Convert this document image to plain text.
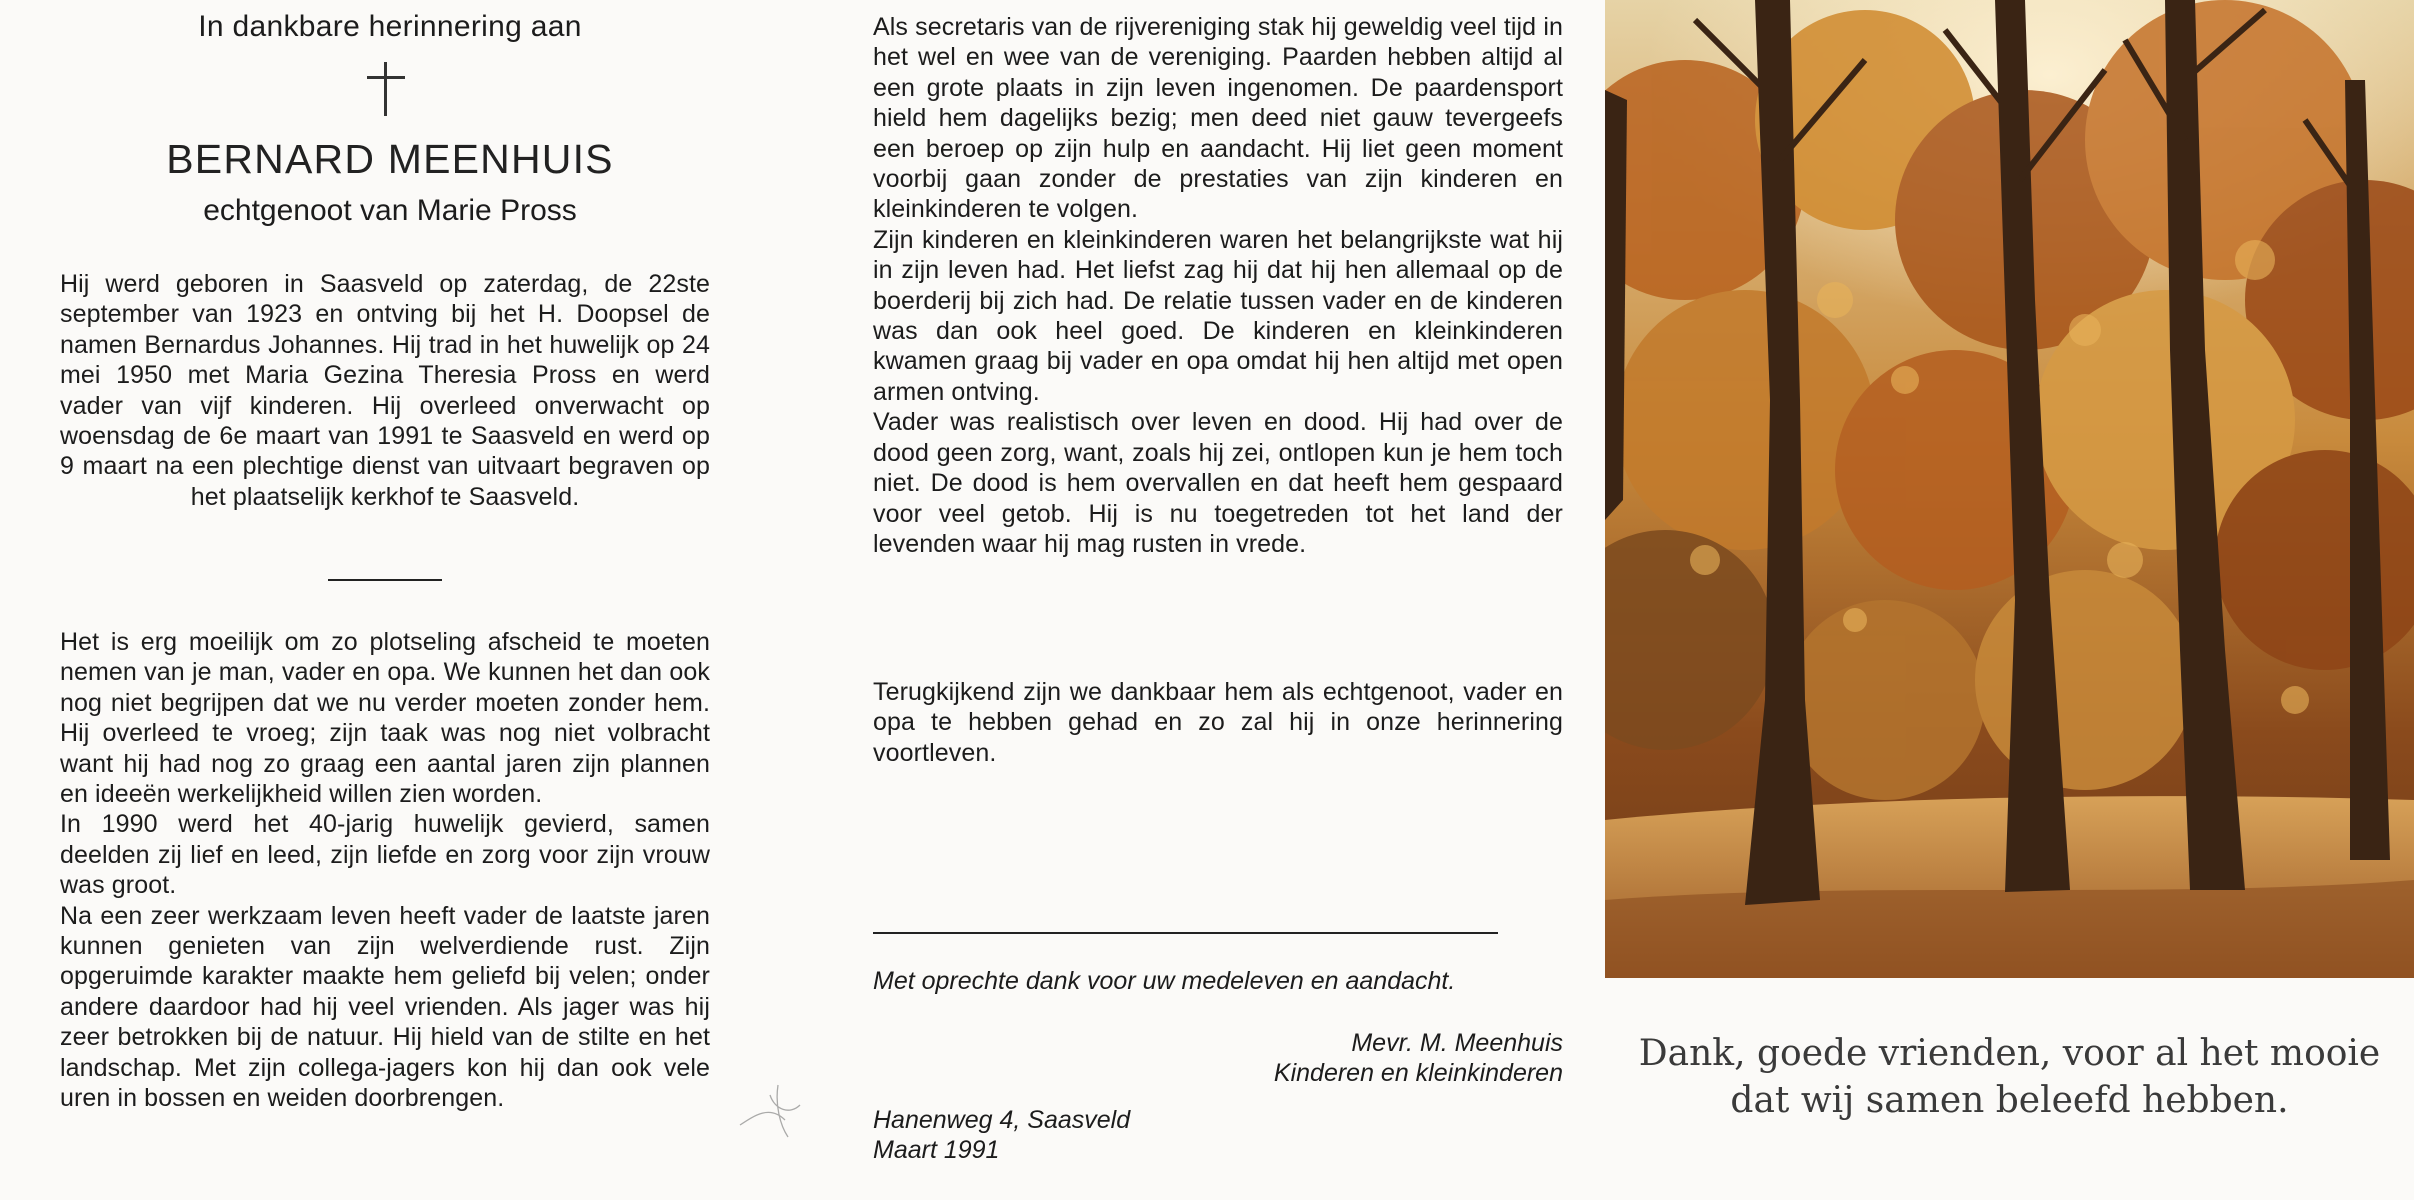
In dankbare herinnering aan
BERNARD MEENHUIS
echtgenoot van Marie Pross

Hij werd geboren in Saasveld op zaterdag, de 22ste september van 1923 en ontving bij het H. Doopsel de namen Bernardus Johannes. Hij trad in het huwelijk op 24 mei 1950 met Maria Gezina Theresia Pross en werd vader van vijf kinderen. Hij overleed onverwacht op woensdag de 6e maart van 1991 te Saasveld en werd op 9 maart na een plechtige dienst van uitvaart begraven op het plaatselijk kerkhof te Saasveld.

Het is erg moeilijk om zo plotseling afscheid te moeten nemen van je man, vader en opa. We kunnen het dan ook nog niet begrijpen dat we nu verder moeten zonder hem. Hij overleed te vroeg; zijn taak was nog niet volbracht want hij had nog zo graag een aantal jaren zijn plannen en ideeën werkelijkheid willen zien worden.

In 1990 werd het 40-jarig huwelijk gevierd, samen deelden zij lief en leed, zijn liefde en zorg voor zijn vrouw was groot.

Na een zeer werkzaam leven heeft vader de laatste jaren kunnen genieten van zijn welverdiende rust. Zijn opgeruimde karakter maakte hem geliefd bij velen; onder andere daardoor had hij veel vrienden. Als jager was hij zeer betrokken bij de natuur. Hij hield van de stilte en het landschap. Met zijn collega-jagers kon hij dan ook vele uren in bossen en weiden doorbrengen.

Als secretaris van de rijvereniging stak hij geweldig veel tijd in het wel en wee van de vereniging. Paarden hebben altijd al een grote plaats in zijn leven ingenomen. De paardensport hield hem dagelijks bezig; men deed niet gauw tevergeefs een beroep op zijn hulp en aandacht. Hij liet geen moment voorbij gaan zonder de prestaties van zijn kinderen en kleinkinderen te volgen.

Zijn kinderen en kleinkinderen waren het belangrijkste wat hij in zijn leven had. Het liefst zag hij dat hij hen allemaal op de boerderij bij zich had. De relatie tussen vader en de kinderen was dan ook heel goed. De kinderen en kleinkinderen kwamen graag bij vader en opa omdat hij hen altijd met open armen ontving.

Vader was realistisch over leven en dood. Hij had over de dood geen zorg, want, zoals hij zei, ontlopen kun je hem toch niet. De dood is hem overvallen en dat heeft hem gespaard voor veel getob. Hij is nu toegetreden tot het land der levenden waar hij mag rusten in vrede.

Terugkijkend zijn we dankbaar hem als echtgenoot, vader en opa te hebben gehad en zo zal hij in onze herinnering voortleven.

Met oprechte dank voor uw medeleven en aandacht.
Mevr. M. Meenhuis
Kinderen en kleinkinderen
Hanenweg 4, Saasveld
Maart 1991
Dank, goede vrienden, voor al het mooie
dat wij samen beleefd hebben.
